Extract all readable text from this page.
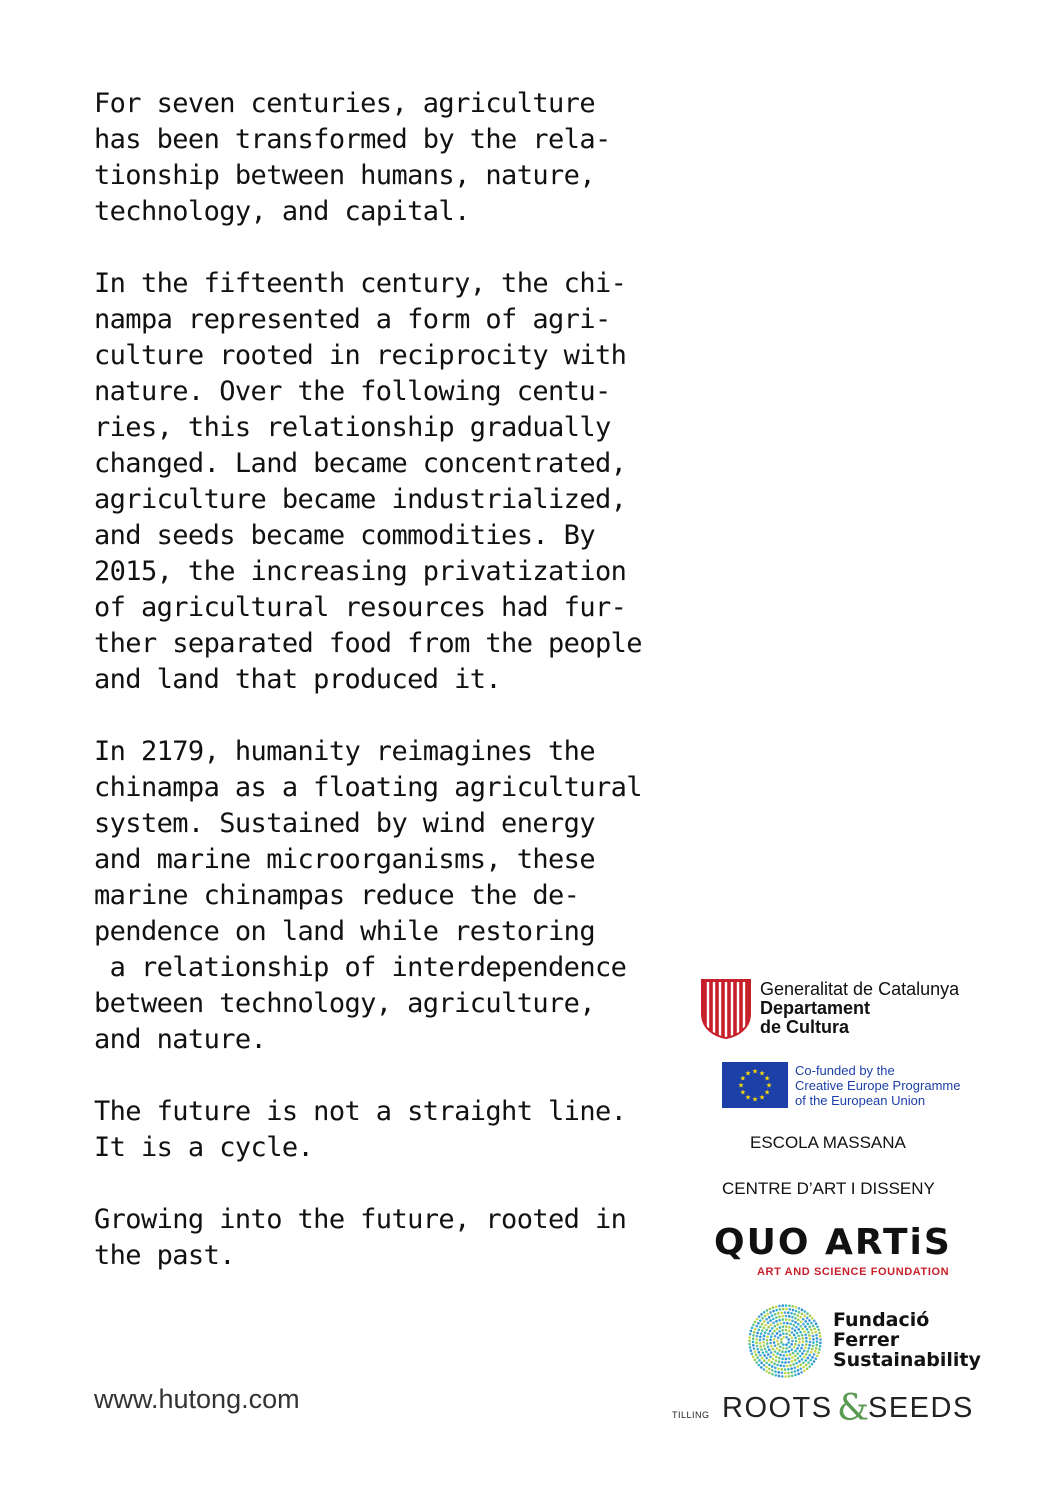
For seven centuries, agriculture
has been transformed by the rela-
tionship between humans, nature,
technology, and capital.
In the fifteenth century, the chi-
nampa represented a form of agri-
culture rooted in reciprocity with
nature. Over the following centu-
ries, this relationship gradually
changed. Land became concentrated,
agriculture became industrialized,
and seeds became commodities. By
2015, the increasing privatization
of agricultural resources had fur-
ther separated food from the people
and land that produced it.
In 2179, humanity reimagines the
chinampa as a floating agricultural
system. Sustained by wind energy
and marine microorganisms, these
marine chinampas reduce the de-
pendence on land while restoring
a relationship of interdependence
between technology, agriculture,
and nature.
The future is not a straight line.
It is a cycle.
Growing into the future, rooted in
the past.
www.hutong.com
Generalitat de Catalunya
Departament
de Cultura
★
★
★
★
★
★
★
★
★ ★ ★
★
Co-funded by the
Creative Europe Programme
of the European Union
ESCOLA MASSANA
CENTRE D’ART I DISSENY
QUO ARTiS
ART AND SCIENCE FOUNDATION
Fundació
Ferrer
Sustainability
TILLING ROOTS &
SEEDS
